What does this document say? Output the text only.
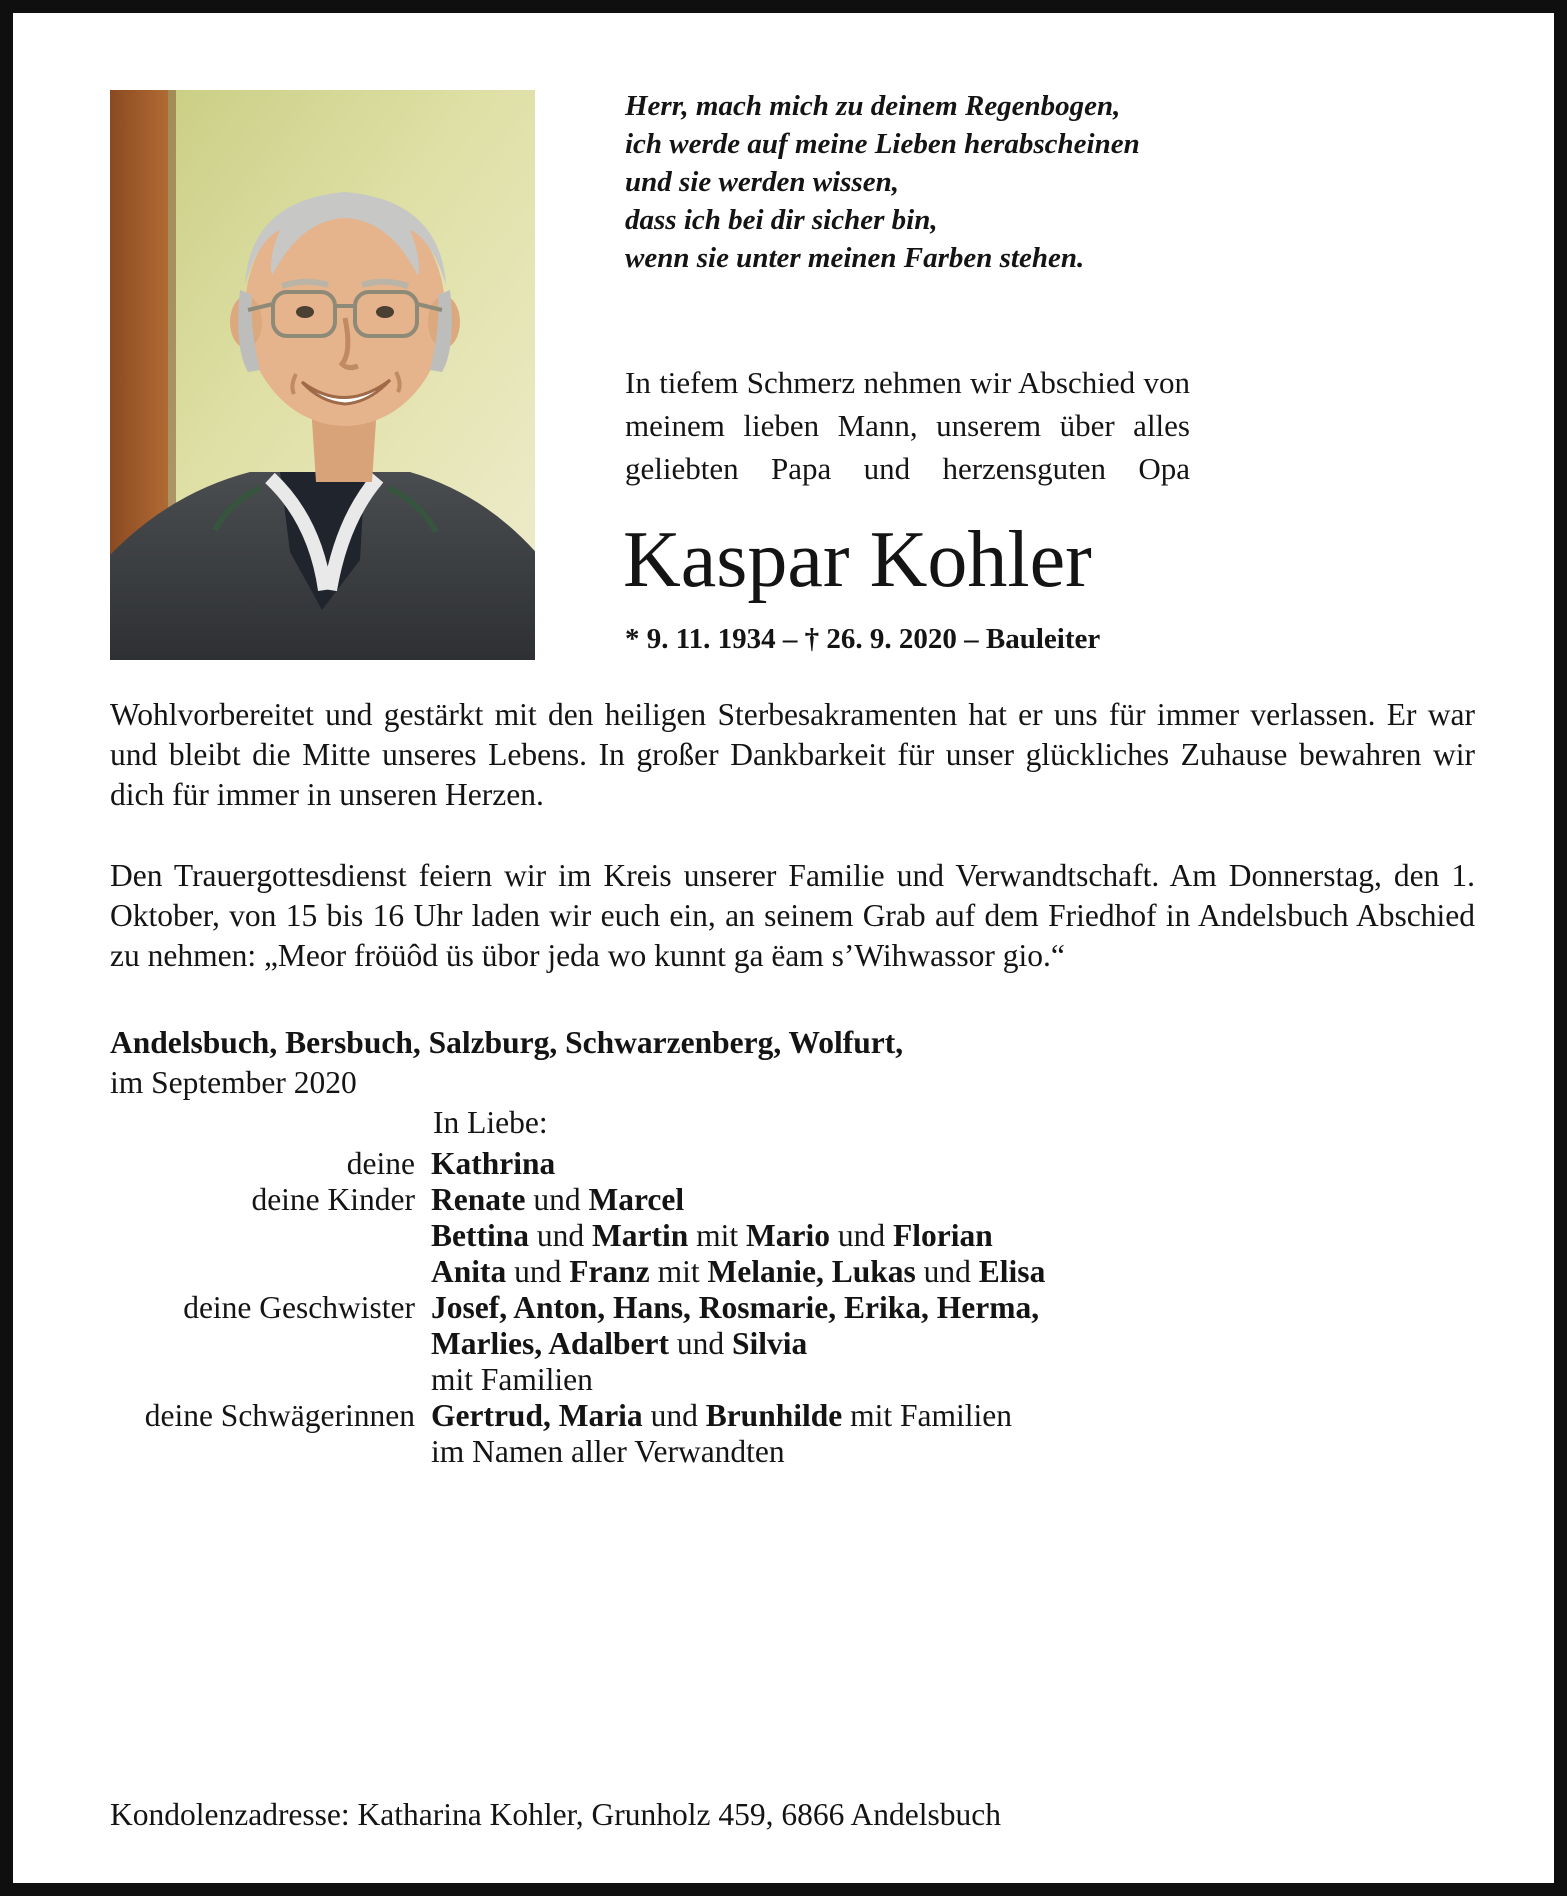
Herr, mach mich zu deinem Regenbogen,
ich werde auf meine Lieben herabscheinen
und sie werden wissen,
dass ich bei dir sicher bin,
wenn sie unter meinen Farben stehen.
In tiefem Schmerz nehmen wir Abschied von meinem lieben Mann, unserem über alles geliebten Papa und herzensguten Opa
Kaspar Kohler
* 9. 11. 1934 – † 26. 9. 2020 – Bauleiter
Wohlvorbereitet und gestärkt mit den heiligen Sterbesakramenten hat er uns für immer verlassen. Er war und bleibt die Mitte unseres Lebens. In großer Dankbarkeit für unser glückliches Zuhause bewahren wir dich für immer in unseren Herzen.
Den Trauergottesdienst feiern wir im Kreis unserer Familie und Verwandtschaft. Am Donnerstag, den 1. Oktober, von 15 bis 16 Uhr laden wir euch ein, an seinem Grab auf dem Friedhof in Andelsbuch Abschied zu nehmen: „Meor fröüôd üs übor jeda wo kunnt ga ëam s’Wihwassor gio.“
Andelsbuch, Bersbuch, Salzburg, Schwarzenberg, Wolfurt,
im September 2020
In Liebe:
deine Kathrina
deine Kinder Renate und Marcel
Bettina und Martin mit Mario und Florian
Anita und Franz mit Melanie, Lukas und Elisa
deine Geschwister Josef, Anton, Hans, Rosmarie, Erika, Herma,
Marlies, Adalbert und Silvia
mit Familien
deine Schwägerinnen Gertrud, Maria und Brunhilde mit Familien
im Namen aller Verwandten
Kondolenzadresse: Katharina Kohler, Grunholz 459, 6866 Andelsbuch
